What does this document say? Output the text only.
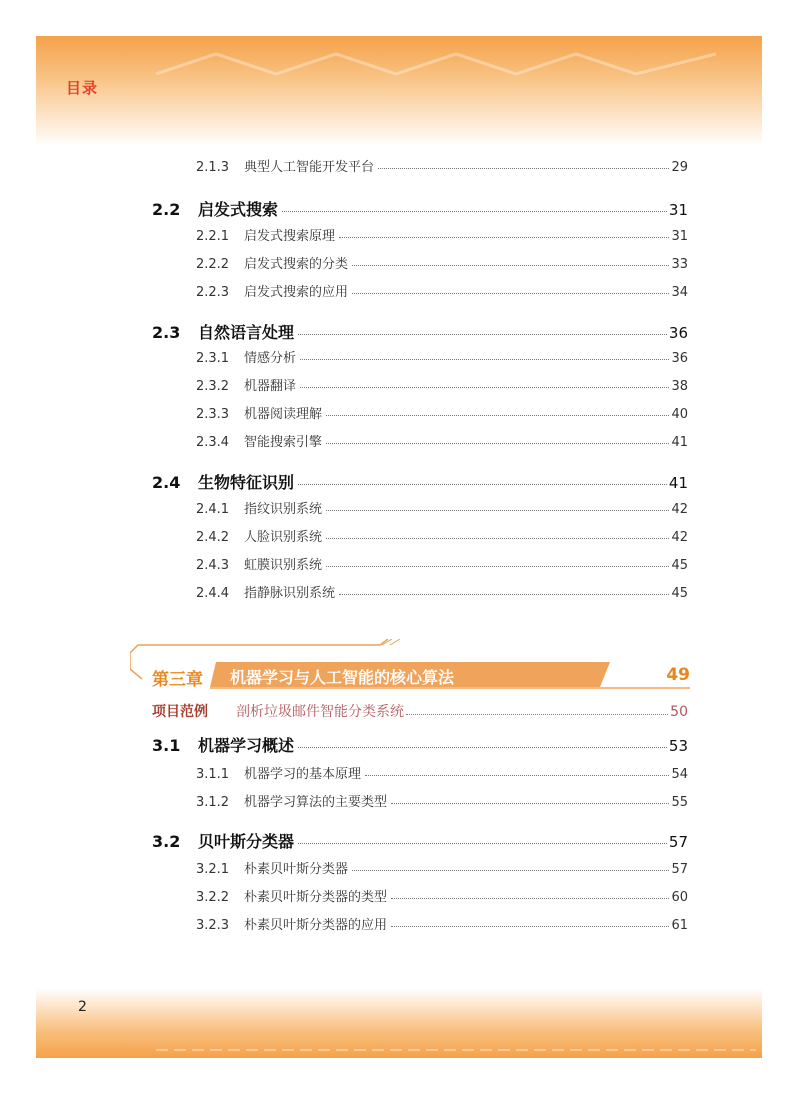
目录
2
2.1.3	典型人工智能开发平台	29
2.2	启发式搜索	31
2.2.1	启发式搜索原理	31
2.2.2	启发式搜索的分类	33
2.2.3	启发式搜索的应用	34
2.3	自然语言处理	36
2.3.1	情感分析	36
2.3.2	机器翻译	38
2.3.3	机器阅读理解	40
2.3.4	智能搜索引擎	41
2.4	生物特征识别	41
2.4.1	指纹识别系统	42
2.4.2	人脸识别系统	42
2.4.3	虹膜识别系统	45
2.4.4	指静脉识别系统	45
第三章 机器学习与人工智能的核心算法	49
项目范例	剖析垃圾邮件智能分类系统	50
3.1	机器学习概述	53
3.1.1	机器学习的基本原理	54
3.1.2	机器学习算法的主要类型	55
3.2	贝叶斯分类器	57
3.2.1	朴素贝叶斯分类器	57
3.2.2	朴素贝叶斯分类器的类型	60
3.2.3	朴素贝叶斯分类器的应用	61
